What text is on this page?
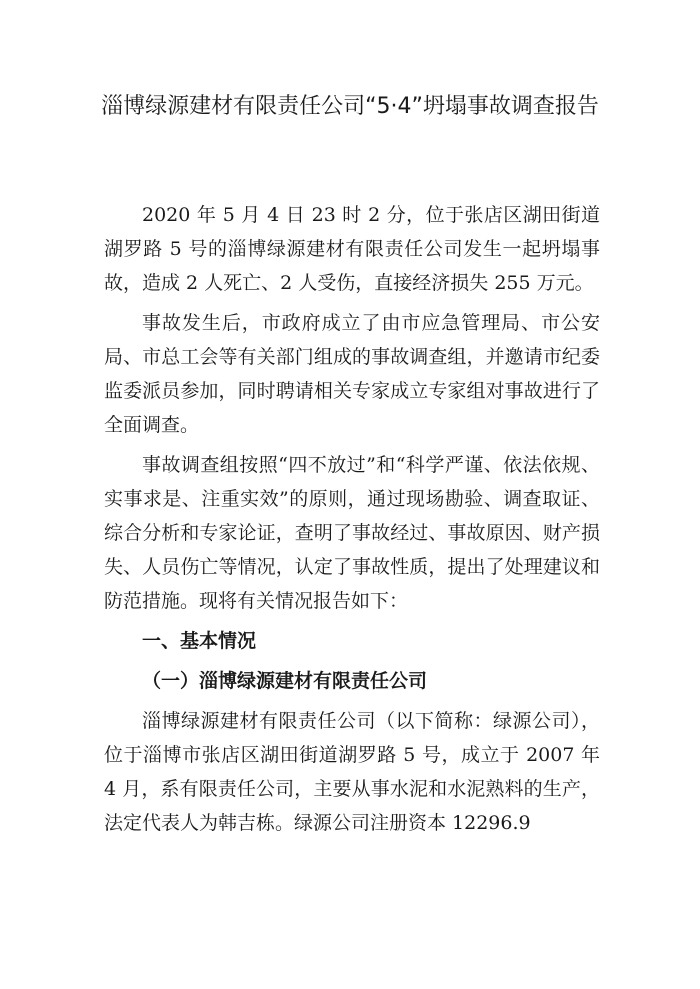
淄博绿源建材有限责任公司“5·4”坍塌事故调查报告

2020 年 5 月 4 日 23 时 2 分，位于张店区湖田街道湖罗路 5 号的淄博绿源建材有限责任公司发生一起坍塌事故，造成 2 人死亡、2 人受伤，直接经济损失 255 万元。

事故发生后，市政府成立了由市应急管理局、市公安局、市总工会等有关部门组成的事故调查组，并邀请市纪委监委派员参加，同时聘请相关专家成立专家组对事故进行了全面调查。

事故调查组按照“四不放过”和“科学严谨、依法依规、实事求是、注重实效”的原则，通过现场勘验、调查取证、综合分析和专家论证，查明了事故经过、事故原因、财产损失、人员伤亡等情况，认定了事故性质，提出了处理建议和防范措施。现将有关情况报告如下：

一、基本情况

（一）淄博绿源建材有限责任公司

淄博绿源建材有限责任公司（以下简称：绿源公司），位于淄博市张店区湖田街道湖罗路 5 号，成立于 2007 年 4 月，系有限责任公司，主要从事水泥和水泥熟料的生产，法定代表人为韩吉栋。绿源公司注册资本 12296.9
